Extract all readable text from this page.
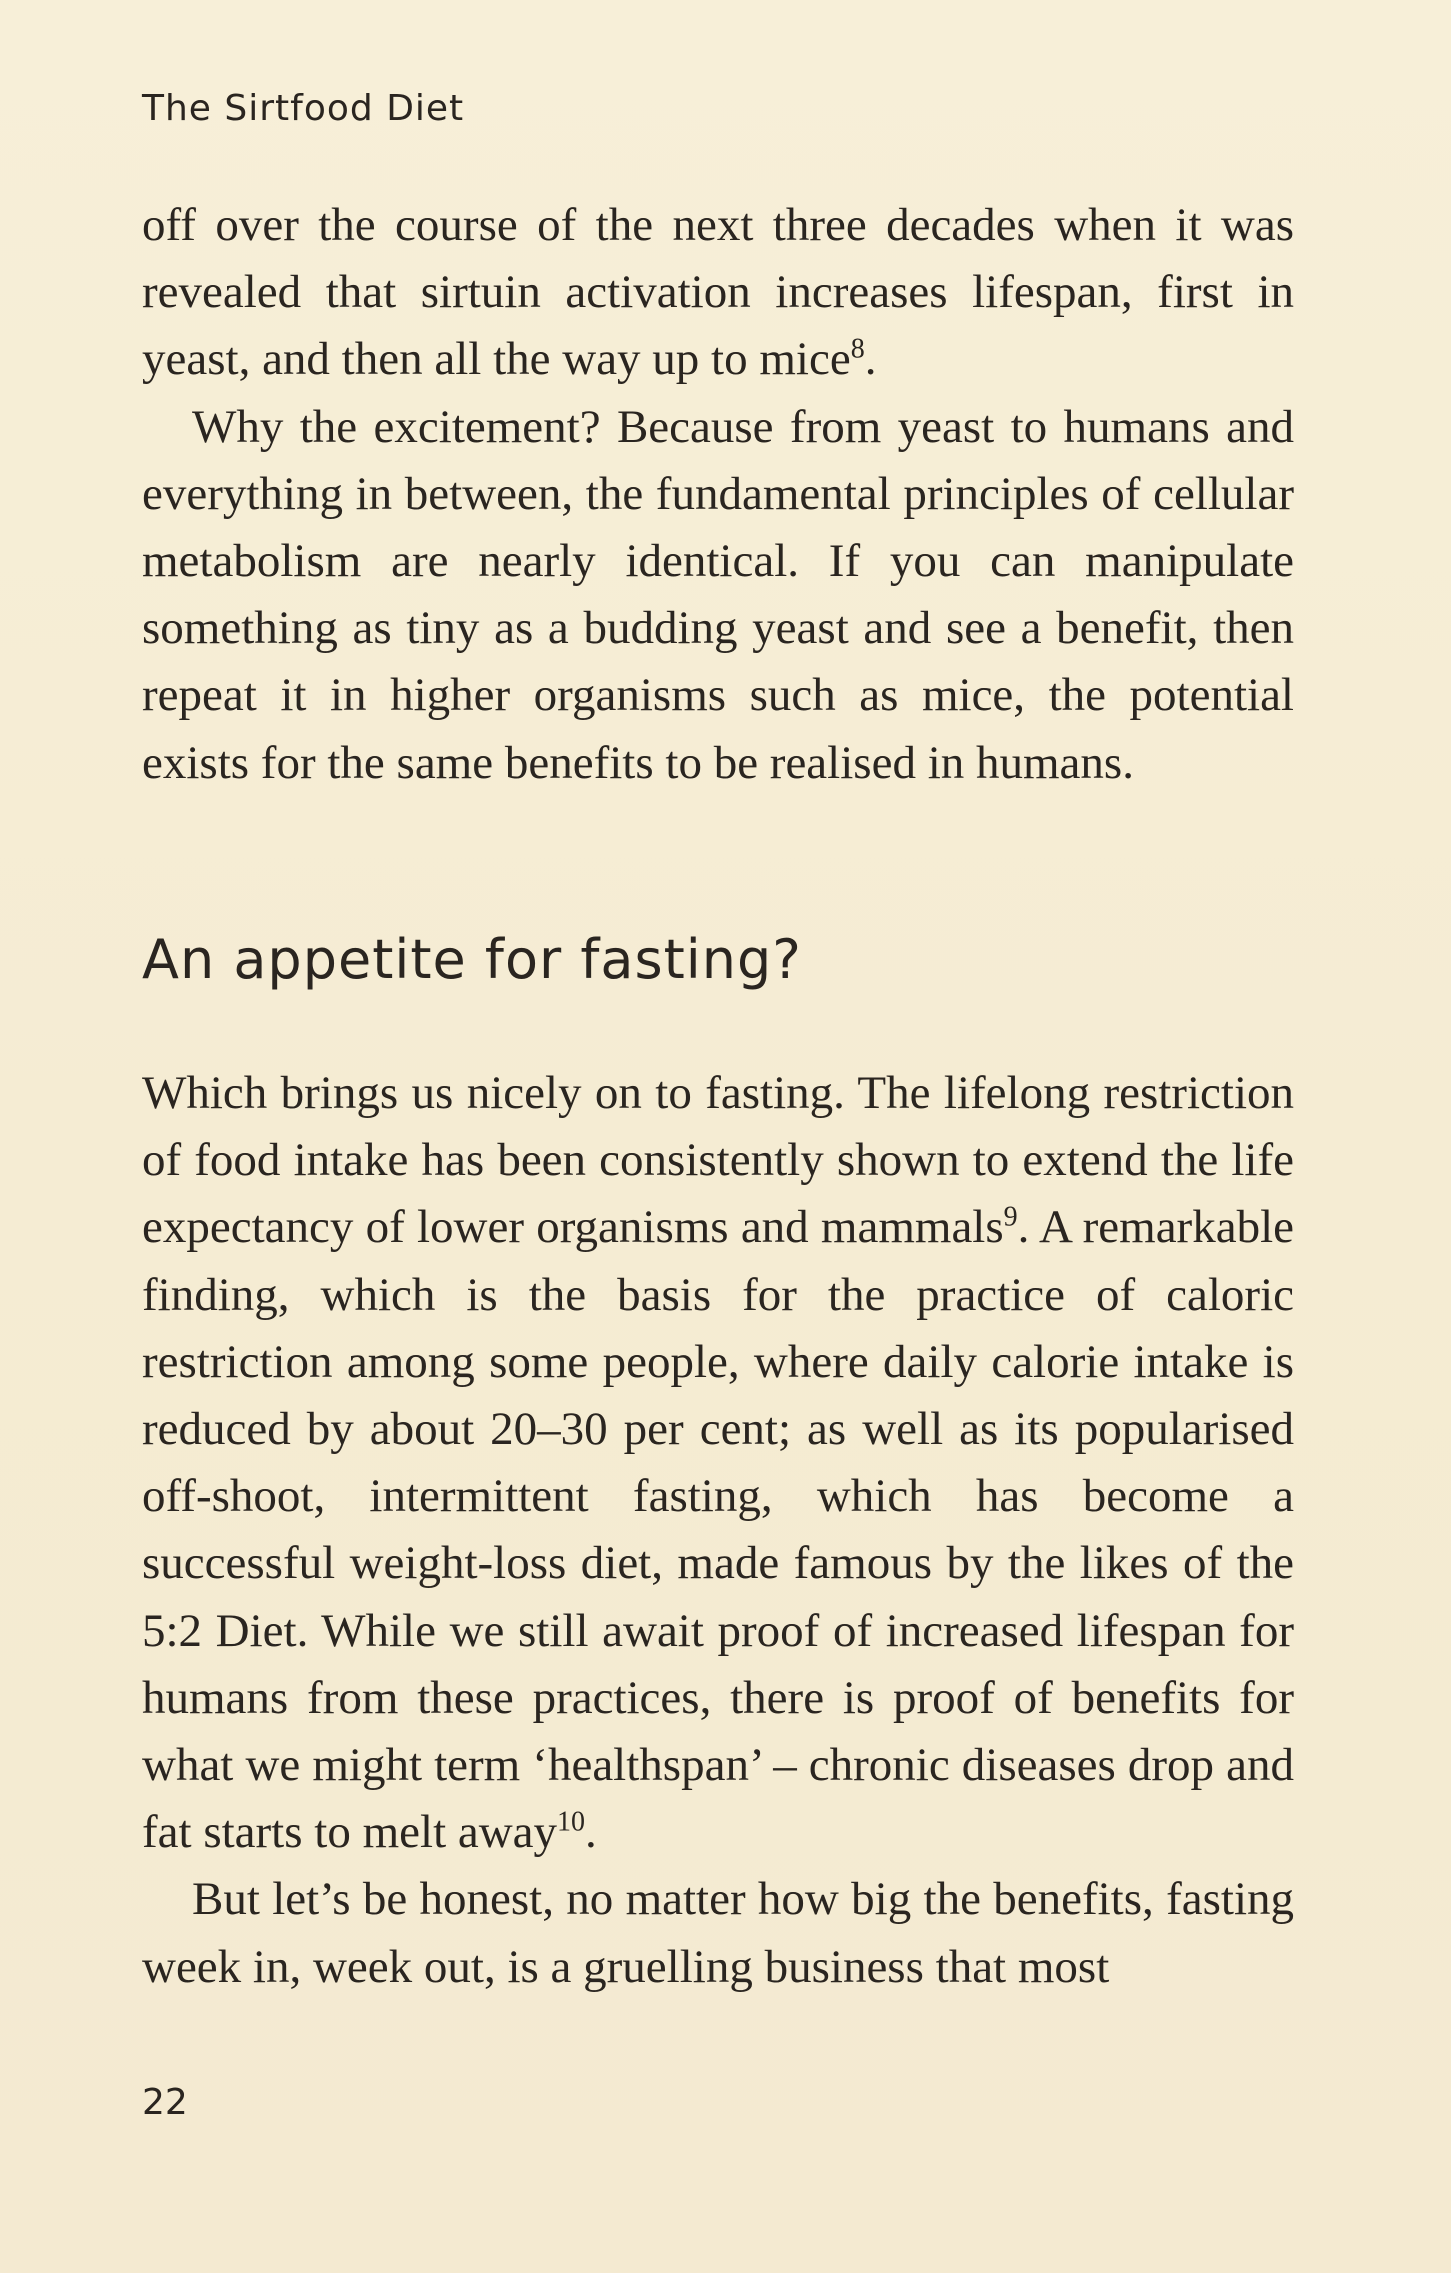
The Sirtfood Diet

off over the course of the next three decades when it was revealed that sirtuin activation increases lifespan, first in yeast, and then all the way up to mice$^8$.

Why the excitement? Because from yeast to humans and everything in between, the fundamental principles of cellular metabolism are nearly identical. If you can manipulate something as tiny as a budding yeast and see a benefit, then repeat it in higher organisms such as mice, the potential exists for the same benefits to be realised in humans.

An appetite for fasting?

Which brings us nicely on to fasting. The lifelong restriction of food intake has been consistently shown to extend the life expectancy of lower organisms and mammals$^9$. A remarkable finding, which is the basis for the practice of caloric restriction among some people, where daily calorie intake is reduced by about 20–30 per cent; as well as its popularised off-shoot, intermittent fasting, which has become a successful weight-loss diet, made famous by the likes of the 5:2 Diet. While we still await proof of increased lifespan for humans from these practices, there is proof of benefits for what we might term ‘healthspan’ – chronic diseases drop and fat starts to melt away$^{10}$.

But let’s be honest, no matter how big the benefits, fasting week in, week out, is a gruelling business that most

22
